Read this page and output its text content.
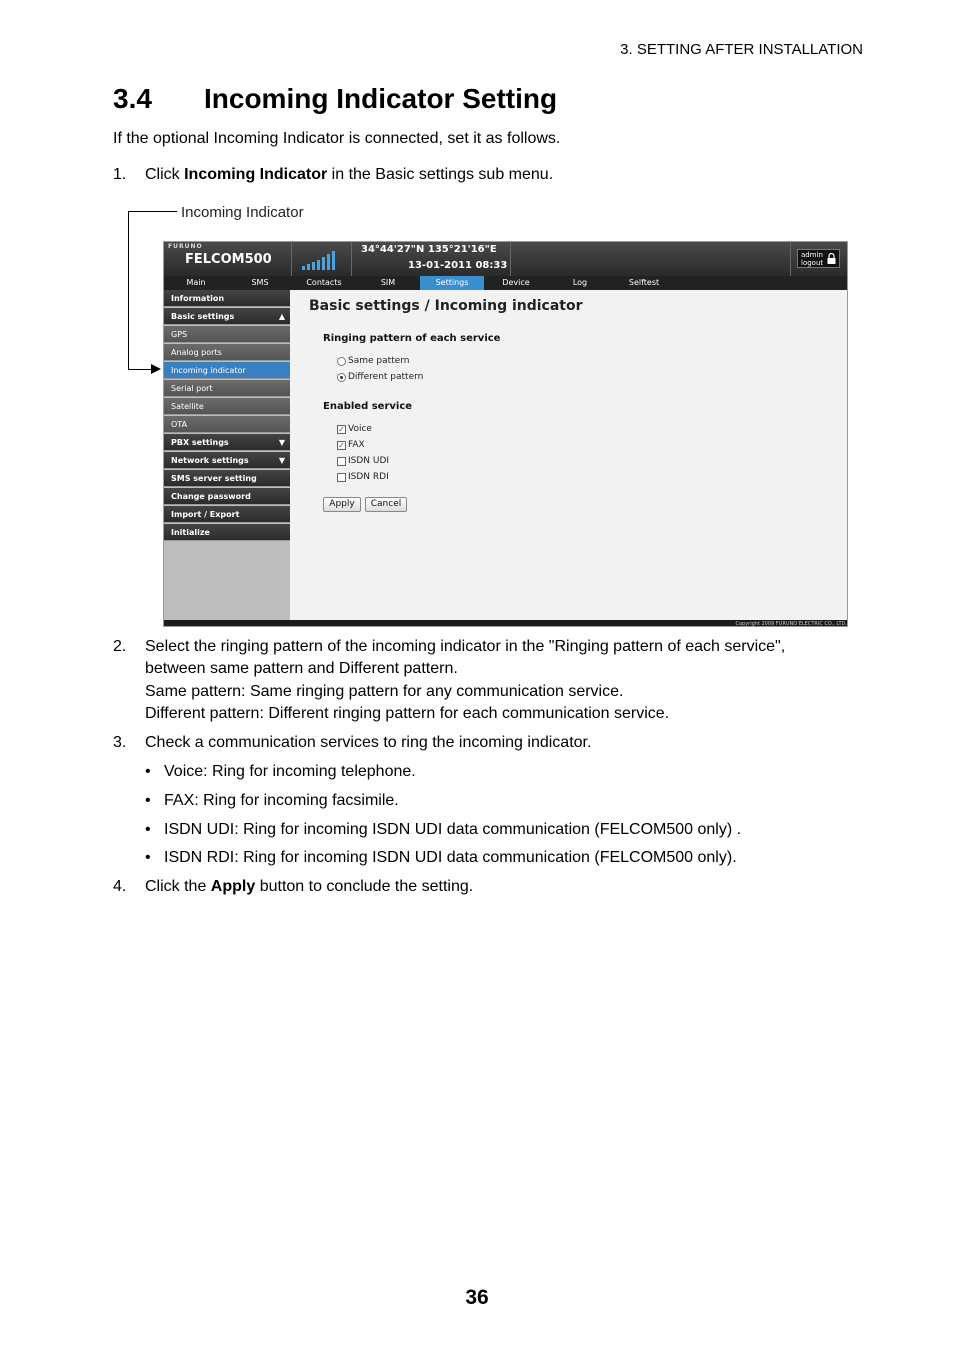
3. SETTING AFTER INSTALLATION
3.4 Incoming Indicator Setting

If the optional Incoming Indicator is connected, set it as follows.

1. Click Incoming Indicator in the Basic settings sub menu.

Incoming Indicator
FURUNO
FELCOM500
34°44'27"N 135°21'16"E
13-01-2011 08:33
admin
logout
Main	SMS	Contacts	SIM	Settings	Device	Log	Selftest
Information
Basic settings	▲
GPS
Analog ports
Incoming indicator
Serial port
Satellite
OTA
PBX settings	▼
Network settings	▼
SMS server setting
Change password
Import / Export
Initialize
Basic settings / Incoming indicator
Ringing pattern of each service
Same pattern
Different pattern
Enabled service
✓ Voice
✓ FAX
ISDN UDI
ISDN RDI
Apply	Cancel
Copyright 2009 FURUNO ELECTRIC CO., LTD.
2. Select the ringing pattern of the incoming indicator in the "Ringing pattern of each service",

between same pattern and Different pattern.

Same pattern: Same ringing pattern for any communication service.

Different pattern: Different ringing pattern for each communication service.

3. Check a communication services to ring the incoming indicator.

• Voice: Ring for incoming telephone.

• FAX: Ring for incoming facsimile.

• ISDN UDI: Ring for incoming ISDN UDI data communication (FELCOM500 only) .

• ISDN RDI: Ring for incoming ISDN UDI data communication (FELCOM500 only).

4. Click the Apply button to conclude the setting.

36
